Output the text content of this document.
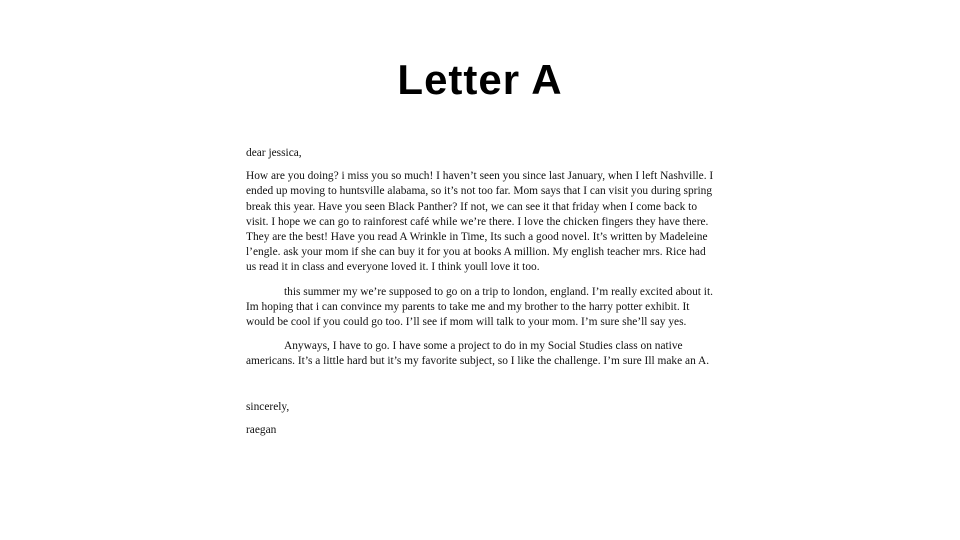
Letter A

dear jessica,

How are you doing? i miss you so much! I haven’t seen you since last January, when I left Nashville. I ended up moving to huntsville alabama, so it’s not too far. Mom says that I can visit you during spring break this year. Have you seen Black Panther? If not, we can see it that friday when I come back to visit. I hope we can go to rainforest café while we’re there. I love the chicken fingers they have there. They are the best! Have you read A Wrinkle in Time, Its such a good novel. It’s written by Madeleine l’engle. ask your mom if she can buy it for you at books A million. My english teacher mrs. Rice had us read it in class and everyone loved it. I think youll love it too.

this summer my we’re supposed to go on a trip to london, england. I’m really excited about it. Im hoping that i can convince my parents to take me and my brother to the harry potter exhibit. It would be cool if you could go too. I’ll see if mom will talk to your mom. I’m sure she’ll say yes.

Anyways, I have to go. I have some a project to do in my Social Studies class on native americans. It’s a little hard but it’s my favorite subject, so I like the challenge. I’m sure Ill make an A.

sincerely,

raegan
